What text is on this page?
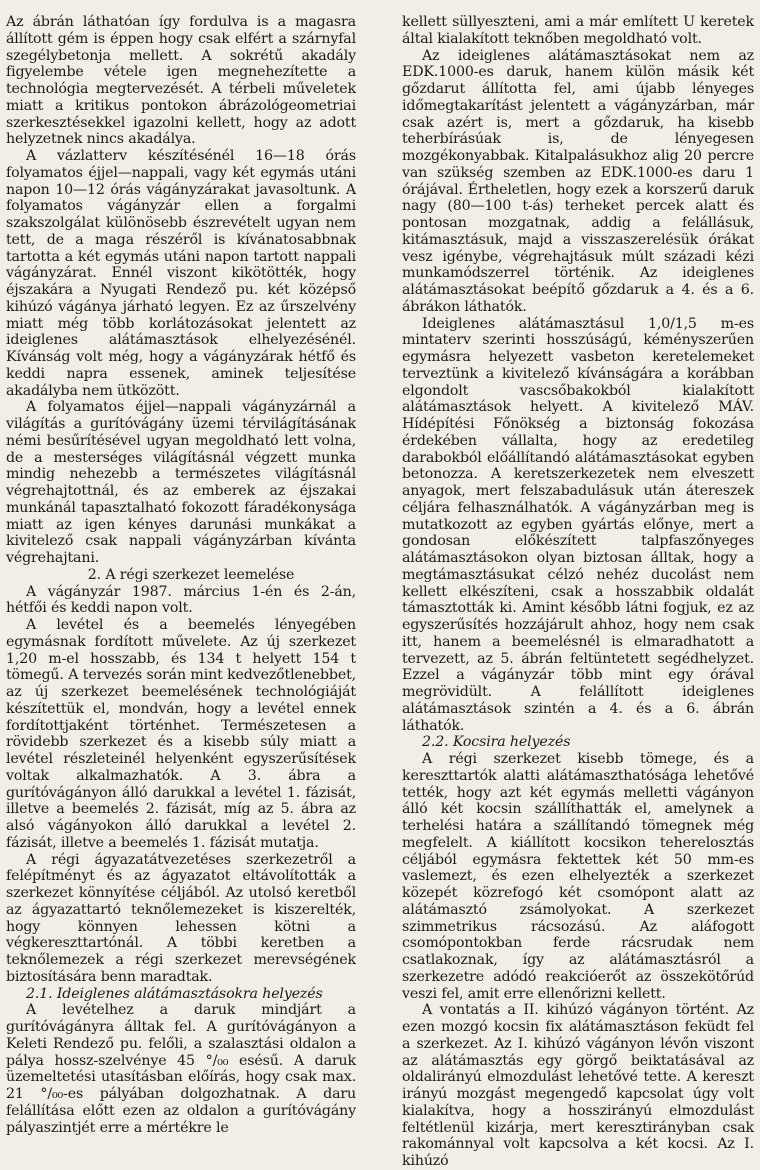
Az ábrán láthatóan így fordulva is a magasra állított gém is éppen hogy csak elfért a szárnyfal szegélybetonja mellett. A sokrétű akadály figyelembe vétele igen megnehezítette a technológia megtervezését. A térbeli műveletek miatt a kritikus pontokon ábrázológeometriai szerkesztésekkel igazolni kellett, hogy az adott helyzetnek nincs akadálya.

A vázlatterv készítésénél 16—18 órás folyamatos éjjel—nappali, vagy két egymás utáni napon 10—12 órás vágányzárakat javasoltunk. A folyamatos vágányzár ellen a forgalmi szakszolgálat különösebb észrevételt ugyan nem tett, de a maga részéről is kívánatosabbnak tartotta a két egymás utáni napon tartott nappali vágányzárat. Ennél viszont kikötötték, hogy éjszakára a Nyugati Rendező pu. két középső kihúzó vágánya járható legyen. Ez az űrszelvény miatt még több korlátozásokat jelentett az ideiglenes alátámasztások elhelyezésénél. Kívánság volt még, hogy a vágányzárak hétfő és keddi napra essenek, aminek teljesítése akadályba nem ütközött.

A folyamatos éjjel—nappali vágányzárnál a világítás a gurítóvágány üzemi térvilágításának némi besűrítésével ugyan megoldható lett volna, de a mesterséges világításnál végzett munka mindig nehezebb a természetes világításnál végrehajtottnál, és az emberek az éjszakai munkánál tapasztalható fokozott fáradékonysága miatt az igen kényes darunási munkákat a kivitelező csak nappali vágányzárban kívánta végrehajtani.

2. A régi szerkezet leemelése

A vágányzár 1987. március 1-én és 2-án, hétfői és keddi napon volt.

A levétel és a beemelés lényegében egymásnak fordított művelete. Az új szerkezet 1,20 m-el hosszabb, és 134 t helyett 154 t tömegű. A tervezés során mint kedvezőtlenebbet, az új szerkezet beemelésének technológiáját készítettük el, mondván, hogy a levétel ennek fordítottjaként történhet. Természetesen a rövidebb szerkezet és a kisebb súly miatt a levétel részleteinél helyenként egyszerűsítések voltak alkalmazhatók. A 3. ábra a gurítóvágányon álló darukkal a levétel 1. fázisát, illetve a beemelés 2. fázisát, míg az 5. ábra az alsó vágányokon álló darukkal a levétel 2. fázisát, illetve a beemelés 1. fázisát mutatja.

A régi ágyazatátvezetéses szerkezetről a felépítményt és az ágyazatot eltávolították a szerkezet könnyítése céljából. Az utolsó keretből az ágyazattartó teknőlemezeket is kiszerelték, hogy könnyen lehessen kötni a végkereszttartónál. A többi keretben a teknőlemezek a régi szerkezet merevségének biztosítására benn maradtak.

2.1. Ideiglenes alátámasztásokra helyezés

A levételhez a daruk mindjárt a gurítóvágányra álltak fel. A gurítóvágányon a Keleti Rendező pu. felőli, a szalasztási oldalon a pálya hossz-szelvénye 45 °/₀₀ esésű. A daruk üzemeltetési utasításban előírás, hogy csak max. 21 °/₀₀-es pályában dolgozhatnak. A daru felállítása előtt ezen az oldalon a gurítóvágány pályaszintjét erre a mértékre le

kellett süllyeszteni, ami a már említett U keretek által kialakított teknőben megoldható volt.

Az ideiglenes alátámasztásokat nem az EDK.1000-es daruk, hanem külön másik két gőzdarut állította fel, ami újabb lényeges időmegtakarítást jelentett a vágányzárban, már csak azért is, mert a gőzdaruk, ha kisebb teherbírásúak is, de lényegesen mozgékonyabbak. Kitalpalásukhoz alig 20 percre van szükség szemben az EDK.1000-es daru 1 órájával. Értheletlen, hogy ezek a korszerű daruk nagy (80—100 t-ás) terheket percek alatt és pontosan mozgatnak, addig a felállásuk, kitámasztásuk, majd a visszaszerelésük órákat vesz igénybe, végrehajtásuk múlt századi kézi munkamódszerrel történik. Az ideiglenes alátámasztásokat beépítő gőzdaruk a 4. és a 6. ábrákon láthatók.

Ideiglenes alátámasztásul 1,0/1,5 m-es mintaterv szerinti hosszúságú, kéményszerűen egymásra helyezett vasbeton keretelemeket terveztünk a kivitelező kívánságára a korábban elgondolt vascsőbakokból kialakított alátámasztások helyett. A kivitelező MÁV. Hídépítési Főnökség a biztonság fokozása érdekében vállalta, hogy az eredetileg darabokból előállítandó alátámasztásokat egyben betonozza. A keretszerkezetek nem elveszett anyagok, mert felszabadulásuk után átereszek céljára felhasználhatók. A vágányzárban meg is mutatkozott az egyben gyártás előnye, mert a gondosan előkészített talpfaszőnyeges alátámasztásokon olyan biztosan álltak, hogy a megtámasztásukat célzó nehéz ducolást nem kellett elkészíteni, csak a hosszabbik oldalát támasztották ki. Amint később látni fogjuk, ez az egyszerűsítés hozzájárult ahhoz, hogy nem csak itt, hanem a beemelésnél is elmaradhatott a tervezett, az 5. ábrán feltüntetett segédhelyzet. Ezzel a vágányzár több mint egy órával megrövidült. A felállított ideiglenes alátámasztások szintén a 4. és a 6. ábrán láthatók.

2.2. Kocsira helyezés

A régi szerkezet kisebb tömege, és a kereszttartók alatti alátámaszthatósága lehetővé tették, hogy azt két egymás melletti vágányon álló két kocsin szállíthatták el, amelynek a terhelési határa a szállítandó tömegnek még megfelelt. A kiállított kocsikon teherelosztás céljából egymásra fektettek két 50 mm-es vaslemezt, és ezen elhelyezték a szerkezet közepét közrefogó két csomópont alatt az alátámasztó zsámolyokat. A szerkezet szimmetrikus rácsozású. Az aláfogott csomópontokban ferde rácsrudak nem csatlakoznak, így az alátámasztásról a szerkezetre adódó reakcióerőt az összekötőrúd veszi fel, amit erre ellenőrizni kellett.

A vontatás a II. kihúzó vágányon történt. Az ezen mozgó kocsin fix alátámasztáson feküdt fel a szerkezet. Az I. kihúzó vágányon lévőn viszont az alátámasztás egy görgő beiktatásával az oldalirányú elmozdulást lehetővé tette. A kereszt irányú mozgást megengedő kapcsolat úgy volt kialakítva, hogy a hosszirányú elmozdulást feltétlenül kizárja, mert keresztirányban csak rakománnyal volt kapcsolva a két kocsi. Az I. kihúzó
